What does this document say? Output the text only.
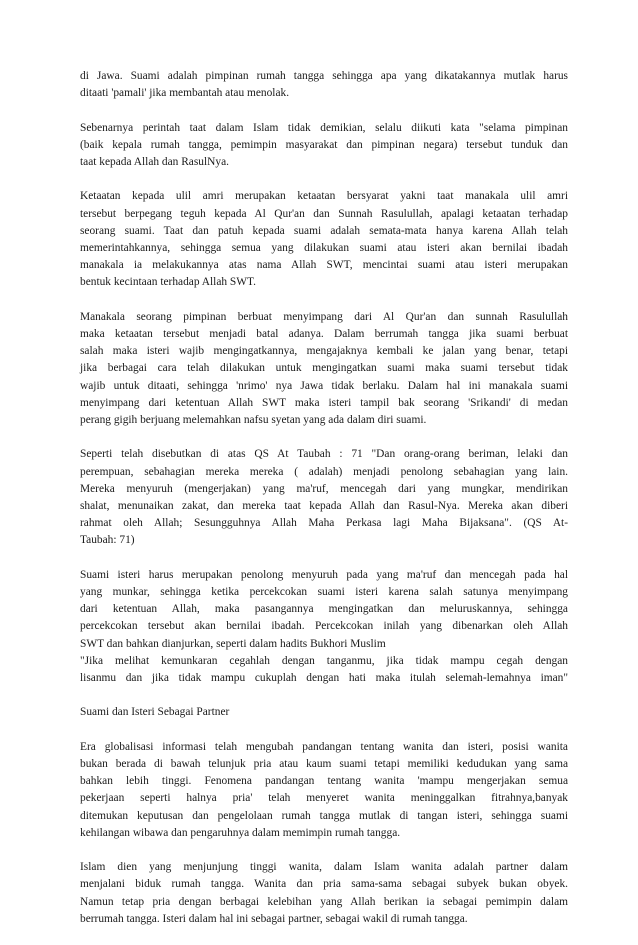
di Jawa. Suami adalah pimpinan rumah tangga sehingga apa yang dikatakannya mutlak harus
ditaati 'pamali' jika membantah atau menolak.
Sebenarnya perintah taat dalam Islam tidak demikian, selalu diikuti kata "selama pimpinan
(baik kepala rumah tangga, pemimpin masyarakat dan pimpinan negara) tersebut tunduk dan
taat kepada Allah dan RasulNya.
Ketaatan kepada ulil amri merupakan ketaatan bersyarat yakni taat manakala ulil amri
tersebut berpegang teguh kepada Al Qur'an dan Sunnah Rasulullah, apalagi ketaatan terhadap
seorang suami. Taat dan patuh kepada suami adalah semata-mata hanya karena Allah telah
memerintahkannya, sehingga semua yang dilakukan suami atau isteri akan bernilai ibadah
manakala ia melakukannya atas nama Allah SWT, mencintai suami atau isteri merupakan
bentuk kecintaan terhadap Allah SWT.
Manakala seorang pimpinan berbuat menyimpang dari Al Qur'an dan sunnah Rasulullah
maka ketaatan tersebut menjadi batal adanya. Dalam berrumah tangga jika suami berbuat
salah maka isteri wajib mengingatkannya, mengajaknya kembali ke jalan yang benar, tetapi
jika berbagai cara telah dilakukan untuk mengingatkan suami maka suami tersebut tidak
wajib untuk ditaati, sehingga 'nrimo' nya Jawa tidak berlaku. Dalam hal ini manakala suami
menyimpang dari ketentuan Allah SWT maka isteri tampil bak seorang 'Srikandi' di medan
perang gigih berjuang melemahkan nafsu syetan yang ada dalam diri suami.
Seperti telah disebutkan di atas QS At Taubah : 71 "Dan orang-orang beriman, lelaki dan
perempuan, sebahagian mereka mereka ( adalah) menjadi penolong sebahagian yang lain.
Mereka menyuruh (mengerjakan) yang ma'ruf, mencegah dari yang mungkar, mendirikan
shalat, menunaikan zakat, dan mereka taat kepada Allah dan Rasul-Nya. Mereka akan diberi
rahmat oleh Allah; Sesungguhnya Allah Maha Perkasa lagi Maha Bijaksana". (QS At-
Taubah: 71)
Suami isteri harus merupakan penolong menyuruh pada yang ma'ruf dan mencegah pada hal
yang munkar, sehingga ketika percekcokan suami isteri karena salah satunya menyimpang
dari ketentuan Allah, maka pasangannya mengingatkan dan meluruskannya, sehingga
percekcokan tersebut akan bernilai ibadah. Percekcokan inilah yang dibenarkan oleh Allah
SWT dan bahkan dianjurkan, seperti dalam hadits Bukhori Muslim
"Jika melihat kemunkaran cegahlah dengan tanganmu, jika tidak mampu cegah dengan
lisanmu dan jika tidak mampu cukuplah dengan hati maka itulah selemah-lemahnya iman"
Suami dan Isteri Sebagai Partner
Era globalisasi informasi telah mengubah pandangan tentang wanita dan isteri, posisi wanita
bukan berada di bawah telunjuk pria atau kaum suami tetapi memiliki kedudukan yang sama
bahkan lebih tinggi. Fenomena pandangan tentang wanita 'mampu mengerjakan semua
pekerjaan seperti halnya pria' telah menyeret wanita meninggalkan fitrahnya,banyak
ditemukan keputusan dan pengelolaan rumah tangga mutlak di tangan isteri, sehingga suami
kehilangan wibawa dan pengaruhnya dalam memimpin rumah tangga.
Islam dien yang menjunjung tinggi wanita, dalam Islam wanita adalah partner dalam
menjalani biduk rumah tangga. Wanita dan pria sama-sama sebagai subyek bukan obyek.
Namun tetap pria dengan berbagai kelebihan yang Allah berikan ia sebagai pemimpin dalam
berrumah tangga. Isteri dalam hal ini sebagai partner, sebagai wakil di rumah tangga.
